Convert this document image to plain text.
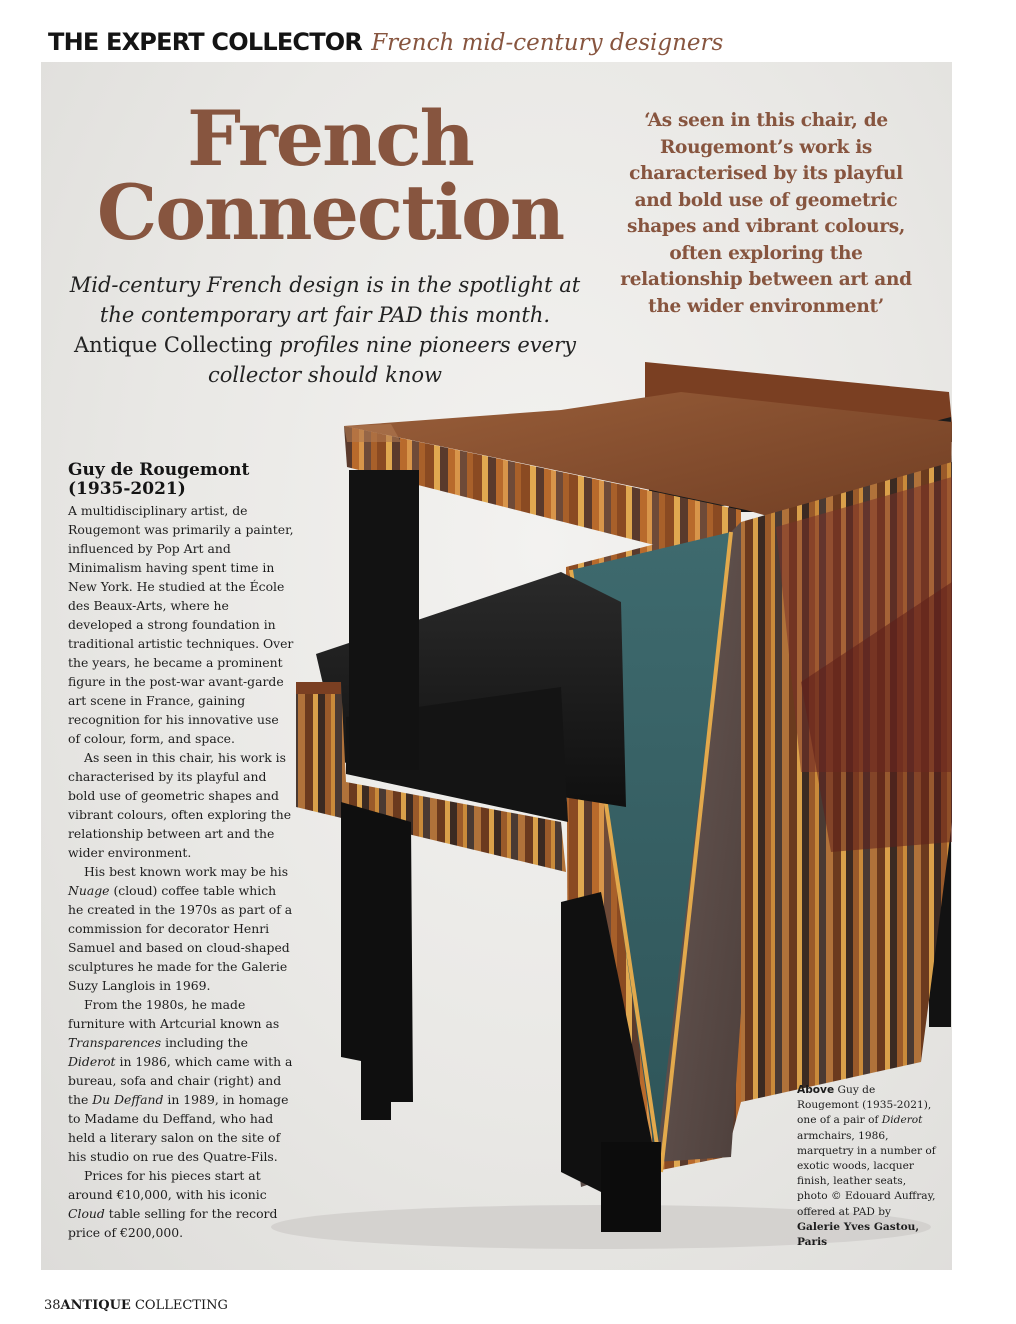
THE EXPERT COLLECTOR French mid-century designers
French
Connection

Mid-century French design is in the spotlight at the contemporary art fair PAD this month. Antique Collecting profiles nine pioneers every collector should know

‘As seen in this chair, de Rougemont’s work is characterised by its playful and bold use of geometric shapes and vibrant colours, often exploring the relationship between art and the wider environment’

Guy de Rougemont
(1935-2021)

A multidisciplinary artist, de Rougemont was primarily a painter, influenced by Pop Art and Minimalism having spent time in New York. He studied at the École des Beaux-Arts, where he developed a strong foundation in traditional artistic techniques. Over the years, he became a prominent figure in the post-war avant-garde art scene in France, gaining recognition for his innovative use of colour, form, and space.

As seen in this chair, his work is characterised by its playful and bold use of geometric shapes and vibrant colours, often exploring the relationship between art and the wider environment.

His best known work may be his Nuage (cloud) coffee table which he created in the 1970s as part of a commission for decorator Henri Samuel and based on cloud-shaped sculptures he made for the Galerie Suzy Langlois in 1969.

From the 1980s, he made furniture with Artcurial known as Transparences including the Diderot in 1986, which came with a bureau, sofa and chair (right) and the Du Deffand in 1989, in homage to Madame du Deffand, who had held a literary salon on the site of his studio on rue des Quatre-Fils.

Prices for his pieces start at around €10,000, with his iconic Cloud table selling for the record price of €200,000.

Above Guy de Rougemont (1935-2021), one of a pair of Diderot armchairs, 1986, marquetry in a number of exotic woods, lacquer finish, leather seats, photo © Edouard Auffray, offered at PAD by Galerie Yves Gastou, Paris

38ANTIQUE COLLECTING
